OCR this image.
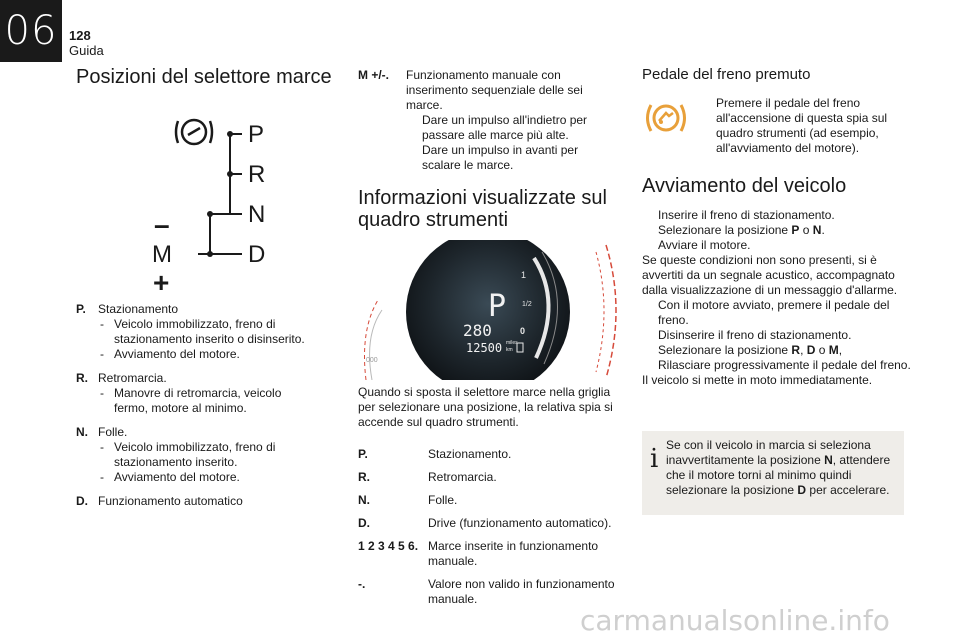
06 128
Guida
Posizioni del selettore marce
P
R
N
D
–
M
+
P.	Stazionamento
- Veicolo immobilizzato, freno di stazionamento inserito o disinserito.
- Avviamento del motore.
R. Retromarcia.
- Manovre di retromarcia, veicolo fermo, motore al minimo.
N. Folle.
- Veicolo immobilizzato, freno di stazionamento inserito.
- Avviamento del motore.
D. Funzionamento automatico
M +/-.	Funzionamento manuale con inserimento sequenziale delle sei marce.
Dare un impulso all'indietro per passare alle marce più alte.
Dare un impulso in avanti per scalare le marce.
Informazioni visualizzate sul quadro strumenti
1
1/2
0
P
280
12500 miles
km
000
Quando si sposta il selettore marce nella griglia per selezionare una posizione, la relativa spia si accende sul quadro strumenti.
P.	Stazionamento.
R.	Retromarcia.
N.	Folle.
D.	Drive (funzionamento automatico).
1 2 3 4 5 6. Marce inserite in funzionamento manuale.
-.	Valore non valido in funzionamento manuale.
Pedale del freno premuto
Premere il pedale del freno all'accensione di questa spia sul quadro strumenti (ad esempio, all'avviamento del motore).
Avviamento del veicolo
Inserire il freno di stazionamento.
Selezionare la posizione P o N.
Avviare il motore.
Se queste condizioni non sono presenti, si è avvertiti da un segnale acustico, accompagnato dalla visualizzazione di un messaggio d'allarme.
Con il motore avviato, premere il pedale del freno.
Disinserire il freno di stazionamento.
Selezionare la posizione R, D o M,
Rilasciare progressivamente il pedale del freno.
Il veicolo si mette in moto immediatamente.
i Se con il veicolo in marcia si seleziona inavvertitamente la posizione N, attendere che il motore torni al minimo quindi selezionare la posizione D per accelerare.
carmanualsonline.info
